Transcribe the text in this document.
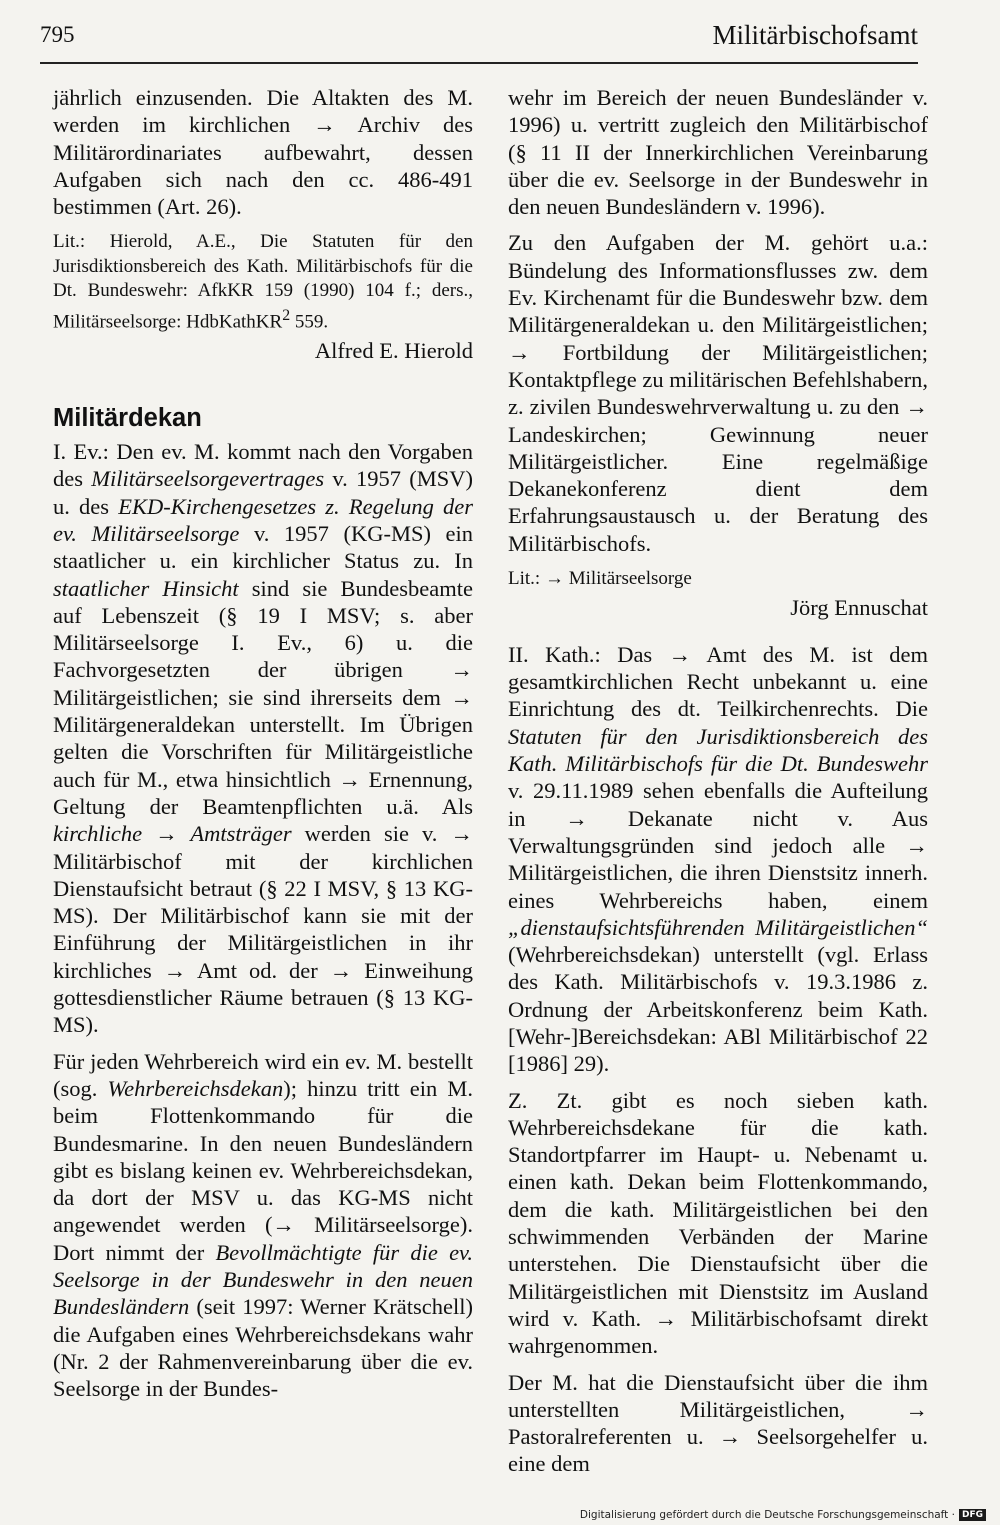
795	Militärbischofsamt

jährlich einzusenden. Die Altakten des M. werden im kirchlichen → Archiv des Militärordinariates aufbewahrt, dessen Aufgaben sich nach den cc. 486-491 bestimmen (Art. 26).

Lit.: Hierold, A.E., Die Statuten für den Jurisdiktionsbereich des Kath. Militärbischofs für die Dt. Bundeswehr: AfkKR 159 (1990) 104 f.; ders., Militärseelsorge: HdbKathKR$^2$ 559.

Alfred E. Hierold

Militärdekan

I. Ev.: Den ev. M. kommt nach den Vorgaben des Militärseelsorgevertrages v. 1957 (MSV) u. des EKD-Kirchengesetzes z. Regelung der ev. Militärseelsorge v. 1957 (KG-MS) ein staatlicher u. ein kirchlicher Status zu. In staatlicher Hinsicht sind sie Bundesbeamte auf Lebenszeit (§ 19 I MSV; s. aber Militärseelsorge I. Ev., 6) u. die Fachvorgesetzten der übrigen → Militärgeistlichen; sie sind ihrerseits dem → Militärgeneraldekan unterstellt. Im Übrigen gelten die Vorschriften für Militärgeistliche auch für M., etwa hinsichtlich → Ernennung, Geltung der Beamtenpflichten u.ä. Als kirchliche → Amtsträger werden sie v. → Militärbischof mit der kirchlichen Dienstaufsicht betraut (§ 22 I MSV, § 13 KG-MS). Der Militärbischof kann sie mit der Einführung der Militärgeistlichen in ihr kirchliches → Amt od. der → Einweihung gottesdienstlicher Räume betrauen (§ 13 KG-MS).

Für jeden Wehrbereich wird ein ev. M. bestellt (sog. Wehrbereichsdekan); hinzu tritt ein M. beim Flottenkommando für die Bundesmarine. In den neuen Bundesländern gibt es bislang keinen ev. Wehrbereichsdekan, da dort der MSV u. das KG-MS nicht angewendet werden (→ Militärseelsorge). Dort nimmt der Bevollmächtigte für die ev. Seelsorge in der Bundeswehr in den neuen Bundesländern (seit 1997: Werner Krätschell) die Aufgaben eines Wehrbereichsdekans wahr (Nr. 2 der Rahmenvereinbarung über die ev. Seelsorge in der Bundes-

wehr im Bereich der neuen Bundesländer v. 1996) u. vertritt zugleich den Militärbischof (§ 11 II der Innerkirchlichen Vereinbarung über die ev. Seelsorge in der Bundeswehr in den neuen Bundesländern v. 1996).

Zu den Aufgaben der M. gehört u.a.: Bündelung des Informationsflusses zw. dem Ev. Kirchenamt für die Bundeswehr bzw. dem Militärgeneraldekan u. den Militärgeistlichen; → Fortbildung der Militärgeistlichen; Kontaktpflege zu militärischen Befehlshabern, z. zivilen Bundeswehrverwaltung u. zu den → Landeskirchen; Gewinnung neuer Militärgeistlicher. Eine regelmäßige Dekanekonferenz dient dem Erfahrungsaustausch u. der Beratung des Militärbischofs.

Lit.: → Militärseelsorge

Jörg Ennuschat

II. Kath.: Das → Amt des M. ist dem gesamtkirchlichen Recht unbekannt u. eine Einrichtung des dt. Teilkirchenrechts. Die Statuten für den Jurisdiktionsbereich des Kath. Militärbischofs für die Dt. Bundeswehr v. 29.11.1989 sehen ebenfalls die Aufteilung in → Dekanate nicht v. Aus Verwaltungsgründen sind jedoch alle → Militärgeistlichen, die ihren Dienstsitz innerh. eines Wehrbereichs haben, einem „dienstaufsichtsführenden Militärgeistlichen“ (Wehrbereichsdekan) unterstellt (vgl. Erlass des Kath. Militärbischofs v. 19.3.1986 z. Ordnung der Arbeitskonferenz beim Kath. [Wehr-]Bereichsdekan: ABl Militärbischof 22 [1986] 29).

Z. Zt. gibt es noch sieben kath. Wehrbereichsdekane für die kath. Standortpfarrer im Haupt- u. Nebenamt u. einen kath. Dekan beim Flottenkommando, dem die kath. Militärgeistlichen bei den schwimmenden Verbänden der Marine unterstehen. Die Dienstaufsicht über die Militärgeistlichen mit Dienstsitz im Ausland wird v. Kath. → Militärbischofsamt direkt wahrgenommen.

Der M. hat die Dienstaufsicht über die ihm unterstellten Militärgeistlichen, → Pastoralreferenten u. → Seelsorgehelfer u. eine dem

Digitalisierung gefördert durch die Deutsche Forschungsgemeinschaft · DFG
